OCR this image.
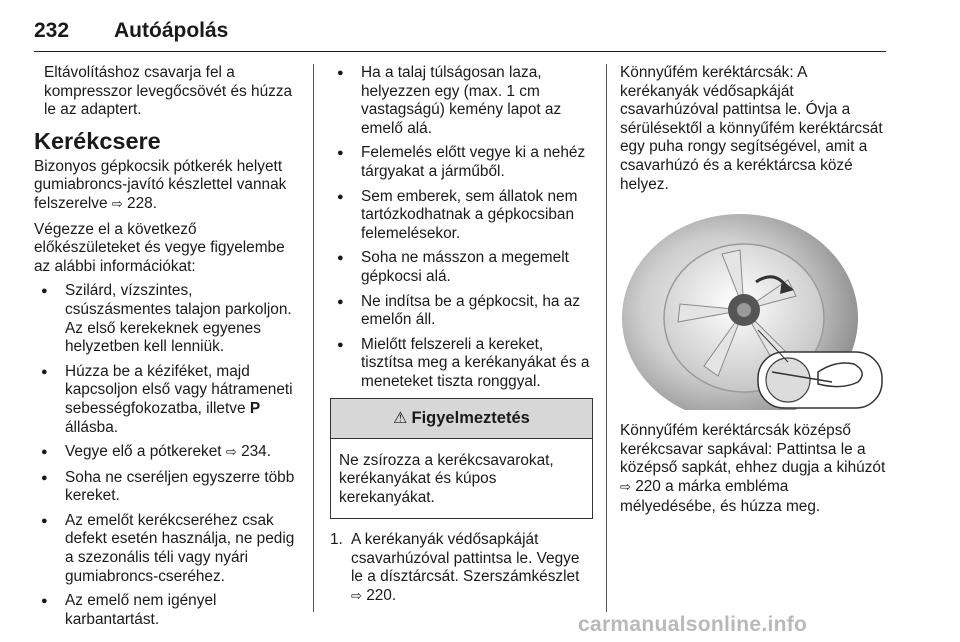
232 Autóápolás

Eltávolításhoz csavarja fel a kompresszor levegőcsövét és húzza le az adaptert.

Kerékcsere

Bizonyos gépkocsik pótkerék helyett gumiabroncs-javító készlettel vannak felszerelve ⇨ 228.

Végezze el a következő előkészületeket és vegye figyelembe az alábbi információkat:

● Szilárd, vízszintes, csúszásmentes talajon parkoljon. Az első kerekeknek egyenes helyzetben kell lenniük.
● Húzza be a kéziféket, majd kapcsoljon első vagy hátrameneti sebességfokozatba, illetve P állásba.
● Vegye elő a pótkereket ⇨ 234.
● Soha ne cseréljen egyszerre több kereket.
● Az emelőt kerékcseréhez csak defekt esetén használja, ne pedig a szezonális téli vagy nyári gumiabroncs-cseréhez.
● Az emelő nem igényel karbantartást.
● Ha a talaj túlságosan laza, helyezzen egy (max. 1 cm vastagságú) kemény lapot az emelő alá.
● Felemelés előtt vegye ki a nehéz tárgyakat a járműből.
● Sem emberek, sem állatok nem tartózkodhatnak a gépkocsiban felemelésekor.
● Soha ne másszon a megemelt gépkocsi alá.
● Ne indítsa be a gépkocsit, ha az emelőn áll.
● Mielőtt felszereli a kereket, tisztítsa meg a kerékanyákat és a meneteket tiszta ronggyal.
⚠ Figyelmeztetés
Ne zsírozza a kerékcsavarokat, kerékanyákat és kúpos kerekanyákat.
1. A kerékanyák védősapkáját csavarhúzóval pattintsa le. Vegye le a dísztárcsát. Szerszámkészlet ⇨ 220.

Könnyűfém keréktárcsák: A kerékanyák védősapkáját csavarhúzóval pattintsa le. Óvja a sérülésektől a könnyűfém keréktárcsát egy puha rongy segítségével, amit a csavarhúzó és a keréktárcsa közé helyez.

Könnyűfém keréktárcsák középső kerékcsavar sapkával: Pattintsa le a középső sapkát, ehhez dugja a kihúzót ⇨ 220 a márka embléma mélyedésébe, és húzza meg.

carmanualsonline.info
